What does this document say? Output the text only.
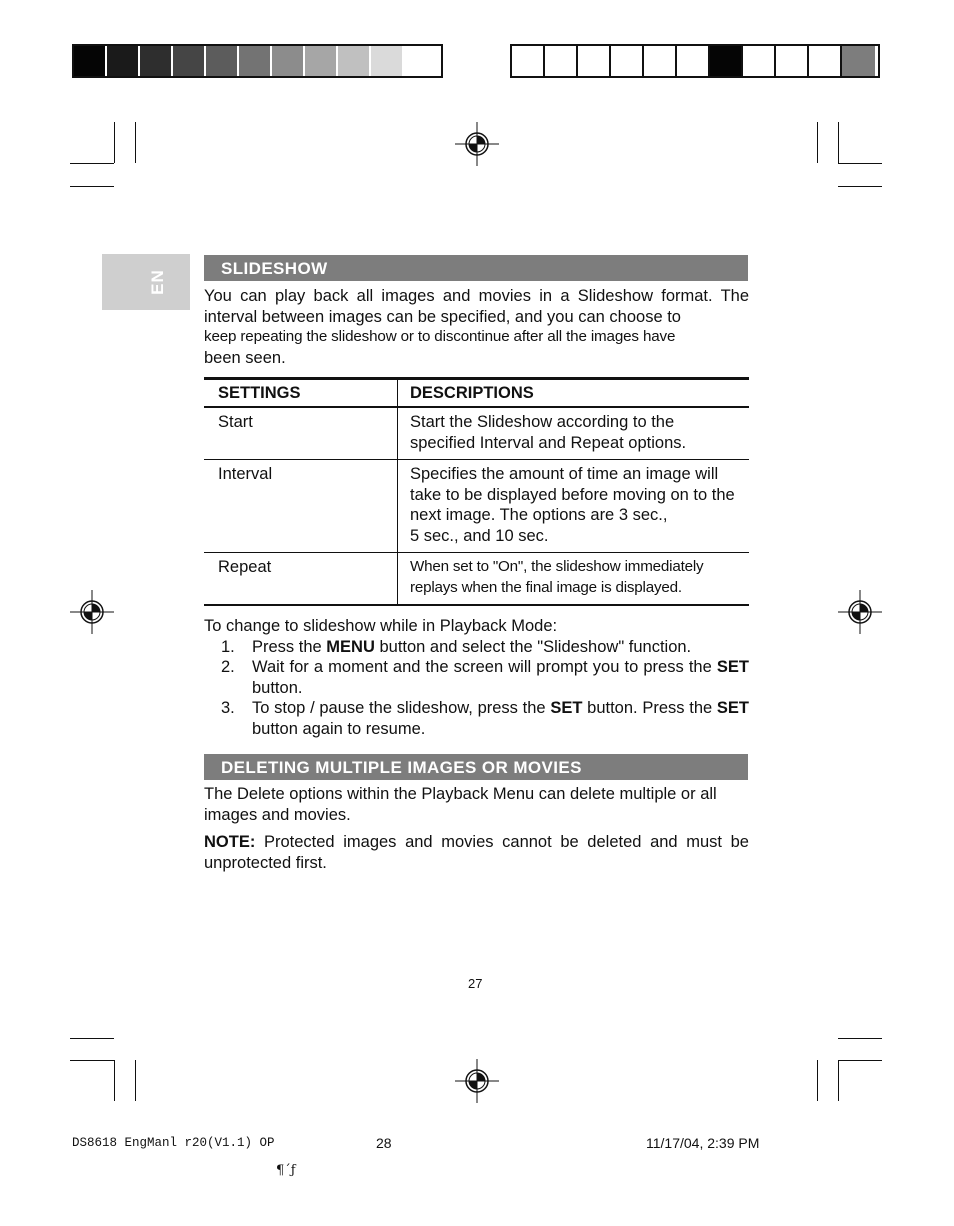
EN
SLIDESHOW
You can play back all images and movies in a Slideshow format. The interval between images can be specified, and you can choose to
keep repeating the slideshow or to discontinue after all the images have
been seen.
SETTINGS	DESCRIPTIONS

Start	Start the Slideshow according to the specified Interval and Repeat options.

Interval	Specifies the amount of time an image will take to be displayed before moving on to the next image. The options are 3 sec.,
5 sec., and 10 sec.

Repeat	When set to "On", the slideshow immediately replays when the final image is displayed.

To change to slideshow while in Playback Mode:

1. Press the MENU button and select the "Slideshow" function.
2. Wait for a moment and the screen will prompt you to press the SET button.
3. To stop / pause the slideshow, press the SET button. Press the SET button again to resume.
DELETING MULTIPLE IMAGES OR MOVIES
The Delete options within the Playback Menu can delete multiple or all images and movies.
NOTE: Protected images and movies cannot be deleted and must be unprotected first.
27
DS8618 EngManl r20(V1.1) OP	28	11/17/04, 2:39 PM
¶´ƒ
